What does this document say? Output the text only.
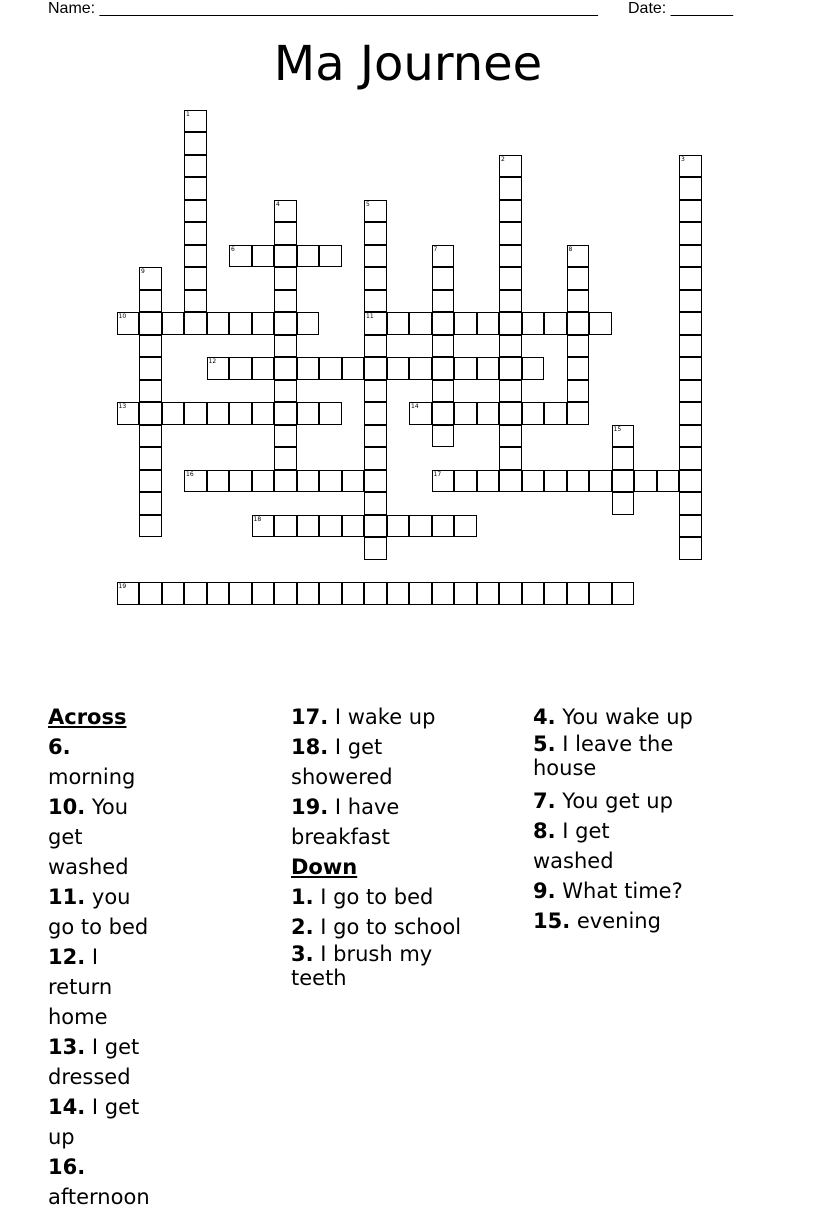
Name: ________________________________________________________ Date: _______
Ma Journee
1
2	3
4	5
6	7	8
9
10	11
12
13	14
15
16	17
18
19
Across
6. morning
10. You get washed
11. you go to bed
12. I return home
13. I get dressed
14. I get up
16. afternoon
17. I wake up
18. I get showered
19. I have breakfast
Down
1. I go to bed
2. I go to school
3. I brush my teeth
4. You wake up
5. I leave the house
7. You get up
8. I get washed
9. What time?
15. evening
